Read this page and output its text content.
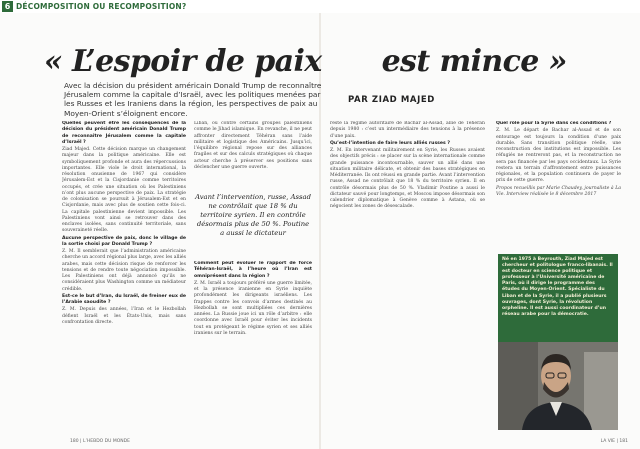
6 DÉCOMPOSITION OU RECOMPOSITION?
« L’espoir de paix est mince »
Avec la décision du président américain Donald Trump de reconnaître Jérusalem comme la capitale d’Israël, avec les politiques menées par les Russes et les Iraniens dans la région, les perspectives de paix au Moyen-Orient s’éloignent encore.
PAR ZIAD MAJED

Quelles peuvent être les conséquences de la décision du président américain Donald Trump de reconnaître Jérusalem comme la capitale d’Israël ?

Ziad Majed. Cette décision marque un changement majeur dans la politique américaine. Elle est symboliquement profonde et aura des répercussions importantes. Elle viole le droit international, la résolution onusienne de 1967 qui considère Jérusalem-Est et la Cisjordanie comme territoires occupés, et crée une situation où les Palestiniens n’ont plus aucune perspective de paix. La stratégie de colonisation se poursuit à Jérusalem-Est et en Cisjordanie, mais avec plus de soutien cette fois-ci. La capitale palestinienne devient impossible. Les Palestiniens vont ainsi se retrouver dans des enclaves isolées, sans continuité territoriale, sans souveraineté réelle.

Aucune perspective de paix, donc le village de la sortie choisi par Donald Trump ?

Z. M. Il semblerait que l’administration américaine cherche un accord régional plus large, avec les alliés arabes, mais cette décision risque de renforcer les tensions et de rendre toute négociation impossible. Les Palestiniens ont déjà annoncé qu’ils ne considéraient plus Washington comme un médiateur crédible.

Est-ce le but d’Iran, du Israël, de freiner eux de l’Arabie saoudite ?

Z. M. Depuis des années, l’Iran et le Hezbollah défient Israël et les États-Unis, mais sans confrontation directe.

Liban, ou contre certains groupes palestiniens comme le Jihad islamique. En revanche, il ne peut affronter directement Téhéran sans l’aide militaire et logistique des Américains. Jusqu’ici, l’équilibre régional repose sur des alliances fragiles et sur des calculs stratégiques où chaque acteur cherche à préserver ses positions sans déclencher une guerre ouverte.

Avant l’intervention, russe, Assad ne contrôlait que 18 % du territoire syrien. Il en contrôle désormais plus de 50 %. Poutine a aussi le dictateur

Comment peut évoluer le rapport de force Téhéran-Israël, à l’heure où l’Iran est omniprésent dans la région ?

Z. M. Israël a toujours préféré une guerre limitée, et la présence iranienne en Syrie inquiète profondément les dirigeants israéliens. Les frappes contre les convois d’armes destinés au Hezbollah se sont multipliées ces dernières années. La Russie joue ici un rôle d’arbitre : elle coordonne avec Israël pour éviter les incidents tout en protégeant le régime syrien et ses alliés iraniens sur le terrain.

reste la régime autoritaire de Bachar al-Assad, allié de Téhéran depuis 1980 : c’est un intermédiaire des tensions à la présence d’une paix.

Qu’est-l’intention de faire leurs alliés russes ?

Z. M. En intervenant militairement en Syrie, les Russes avaient des objectifs précis : se placer sur la scène internationale comme grande puissance incontournable, sauver un allié dans une situation militaire délicate, et obtenir des bases stratégiques en Méditerranée. Ils ont réussi en grande partie. Avant l’intervention russe, Assad ne contrôlait que 18 % du territoire syrien. Il en contrôle désormais plus de 50 %. Vladimir Poutine a aussi le dictateur sauvé pour longtemps, et Moscou impose désormais son calendrier diplomatique à Genève comme à Astana, où se négocient les zones de désescalade.

Quel rôle pour la Syrie dans ces conditions ?

Z. M. Le départ de Bachar al-Assad et de son entourage est toujours la condition d’une paix durable. Sans transition politique réelle, une reconstruction des institutions est impossible. Les réfugiés ne rentreront pas, et la reconstruction ne sera pas financée par les pays occidentaux. La Syrie restera un terrain d’affrontement entre puissances régionales, et la population continuera de payer le prix de cette guerre.

Propos recueillis par Marie Chaudey, journaliste à La Vie. Interview réalisée le 8 décembre 2017

Né en 1975 à Beyrouth, Ziad Majed est chercheur et politologue franco-libanais. Il est docteur en science politique et professeur à l’Université américaine de Paris, où il dirige le programme des études du Moyen-Orient. Spécialiste du Liban et de la Syrie, il a publié plusieurs ouvrages, dont Syrie, la révolution orpheline. Il est aussi coordinateur d’un réseau arabe pour la démocratie.
180 | L’HEBDO DU MONDE	LA VIE | 181
